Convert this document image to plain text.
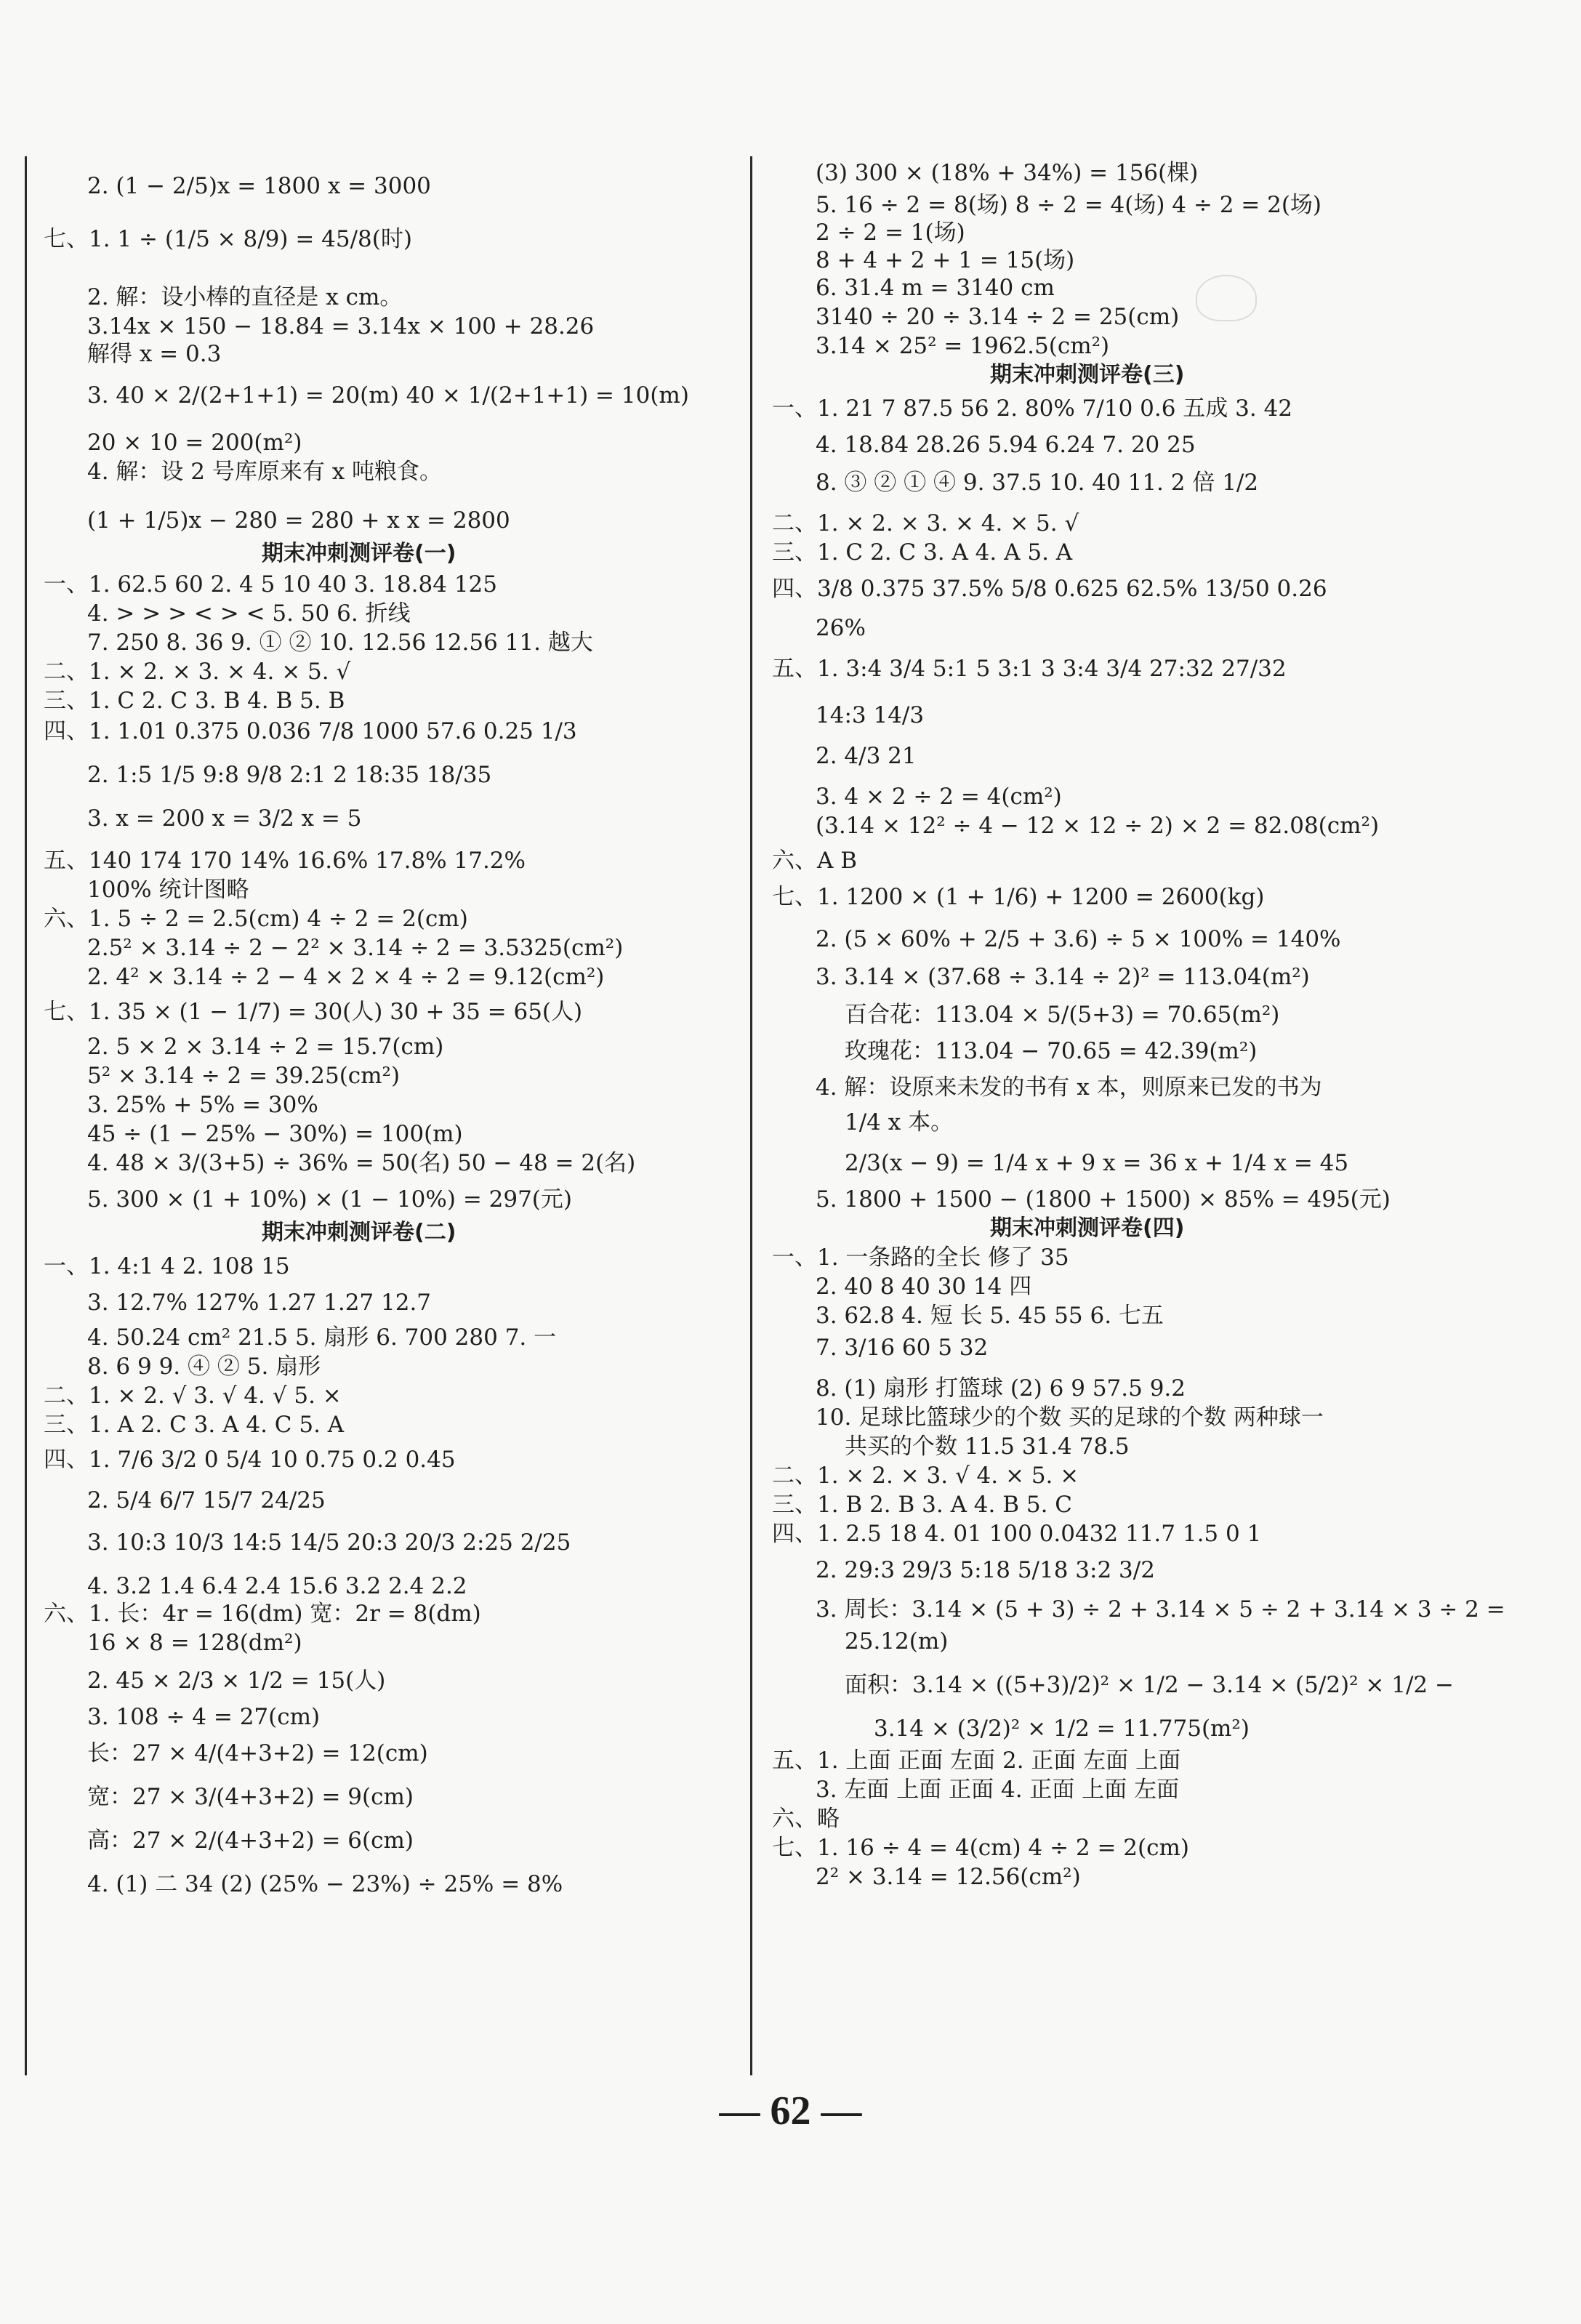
2. (1 − 2/5)x = 1800 x = 3000
七、1. 1 ÷ (1/5 × 8/9) = 45/8(时)
2. 解：设小棒的直径是 x cm。
3.14x × 150 − 18.84 = 3.14x × 100 + 28.26
解得 x = 0.3
3. 40 × 2/(2+1+1) = 20(m) 40 × 1/(2+1+1) = 10(m)
20 × 10 = 200(m²)
4. 解：设 2 号库原来有 x 吨粮食。
(1 + 1/5)x − 280 = 280 + x x = 2800
期末冲刺测评卷(一)
一、1. 62.5 60 2. 4 5 10 40 3. 18.84 125
4. > > > < > < 5. 50 6. 折线
7. 250 8. 36 9. ① ② 10. 12.56 12.56 11. 越大
二、1. × 2. × 3. × 4. × 5. √
三、1. C 2. C 3. B 4. B 5. B
四、1. 1.01 0.375 0.036 7/8 1000 57.6 0.25 1/3
2. 1:5 1/5 9:8 9/8 2:1 2 18:35 18/35
3. x = 200 x = 3/2 x = 5
五、140 174 170 14% 16.6% 17.8% 17.2%
100% 统计图略
六、1. 5 ÷ 2 = 2.5(cm) 4 ÷ 2 = 2(cm)
2.5² × 3.14 ÷ 2 − 2² × 3.14 ÷ 2 = 3.5325(cm²)
2. 4² × 3.14 ÷ 2 − 4 × 2 × 4 ÷ 2 = 9.12(cm²)
七、1. 35 × (1 − 1/7) = 30(人) 30 + 35 = 65(人)
2. 5 × 2 × 3.14 ÷ 2 = 15.7(cm)
5² × 3.14 ÷ 2 = 39.25(cm²)
3. 25% + 5% = 30%
45 ÷ (1 − 25% − 30%) = 100(m)
4. 48 × 3/(3+5) ÷ 36% = 50(名) 50 − 48 = 2(名)
5. 300 × (1 + 10%) × (1 − 10%) = 297(元)
期末冲刺测评卷(二)
一、1. 4:1 4 2. 108 15
3. 12.7% 127% 1.27 1.27 12.7
4. 50.24 cm² 21.5 5. 扇形 6. 700 280 7. 一
8. 6 9 9. ④ ② 5. 扇形
二、1. × 2. √ 3. √ 4. √ 5. ×
三、1. A 2. C 3. A 4. C 5. A
四、1. 7/6 3/2 0 5/4 10 0.75 0.2 0.45
2. 5/4 6/7 15/7 24/25
3. 10:3 10/3 14:5 14/5 20:3 20/3 2:25 2/25
4. 3.2 1.4 6.4 2.4 15.6 3.2 2.4 2.2
六、1. 长：4r = 16(dm) 宽：2r = 8(dm)
16 × 8 = 128(dm²)
2. 45 × 2/3 × 1/2 = 15(人)
3. 108 ÷ 4 = 27(cm)
长：27 × 4/(4+3+2) = 12(cm)
宽：27 × 3/(4+3+2) = 9(cm)
高：27 × 2/(4+3+2) = 6(cm)
4. (1) 二 34 (2) (25% − 23%) ÷ 25% = 8%
(3) 300 × (18% + 34%) = 156(棵)
5. 16 ÷ 2 = 8(场) 8 ÷ 2 = 4(场) 4 ÷ 2 = 2(场)
2 ÷ 2 = 1(场)
8 + 4 + 2 + 1 = 15(场)
6. 31.4 m = 3140 cm
3140 ÷ 20 ÷ 3.14 ÷ 2 = 25(cm)
3.14 × 25² = 1962.5(cm²)
期末冲刺测评卷(三)
一、1. 21 7 87.5 56 2. 80% 7/10 0.6 五成 3. 42
4. 18.84 28.26 5.94 6.24 7. 20 25
8. ③ ② ① ④ 9. 37.5 10. 40 11. 2 倍 1/2
二、1. × 2. × 3. × 4. × 5. √
三、1. C 2. C 3. A 4. A 5. A
四、3/8 0.375 37.5% 5/8 0.625 62.5% 13/50 0.26
26%
五、1. 3:4 3/4 5:1 5 3:1 3 3:4 3/4 27:32 27/32
14:3 14/3
2. 4/3 21
3. 4 × 2 ÷ 2 = 4(cm²)
(3.14 × 12² ÷ 4 − 12 × 12 ÷ 2) × 2 = 82.08(cm²)
六、A B
七、1. 1200 × (1 + 1/6) + 1200 = 2600(kg)
2. (5 × 60% + 2/5 + 3.6) ÷ 5 × 100% = 140%
3. 3.14 × (37.68 ÷ 3.14 ÷ 2)² = 113.04(m²)
百合花：113.04 × 5/(5+3) = 70.65(m²)
玫瑰花：113.04 − 70.65 = 42.39(m²)
4. 解：设原来未发的书有 x 本，则原来已发的书为
1/4 x 本。
2/3(x − 9) = 1/4 x + 9 x = 36 x + 1/4 x = 45
5. 1800 + 1500 − (1800 + 1500) × 85% = 495(元)
期末冲刺测评卷(四)
一、1. 一条路的全长 修了 35
2. 40 8 40 30 14 四
3. 62.8 4. 短 长 5. 45 55 6. 七五
7. 3/16 60 5 32
8. (1) 扇形 打篮球 (2) 6 9 57.5 9.2
10. 足球比篮球少的个数 买的足球的个数 两种球一
共买的个数 11.5 31.4 78.5
二、1. × 2. × 3. √ 4. × 5. ×
三、1. B 2. B 3. A 4. B 5. C
四、1. 2.5 18 4. 01 100 0.0432 11.7 1.5 0 1
2. 29:3 29/3 5:18 5/18 3:2 3/2
3. 周长：3.14 × (5 + 3) ÷ 2 + 3.14 × 5 ÷ 2 + 3.14 × 3 ÷ 2 =
25.12(m)
面积：3.14 × ((5+3)/2)² × 1/2 − 3.14 × (5/2)² × 1/2 −
3.14 × (3/2)² × 1/2 = 11.775(m²)
五、1. 上面 正面 左面 2. 正面 左面 上面
3. 左面 上面 正面 4. 正面 上面 左面
六、略
七、1. 16 ÷ 4 = 4(cm) 4 ÷ 2 = 2(cm)
2² × 3.14 = 12.56(cm²)
— 62 —
